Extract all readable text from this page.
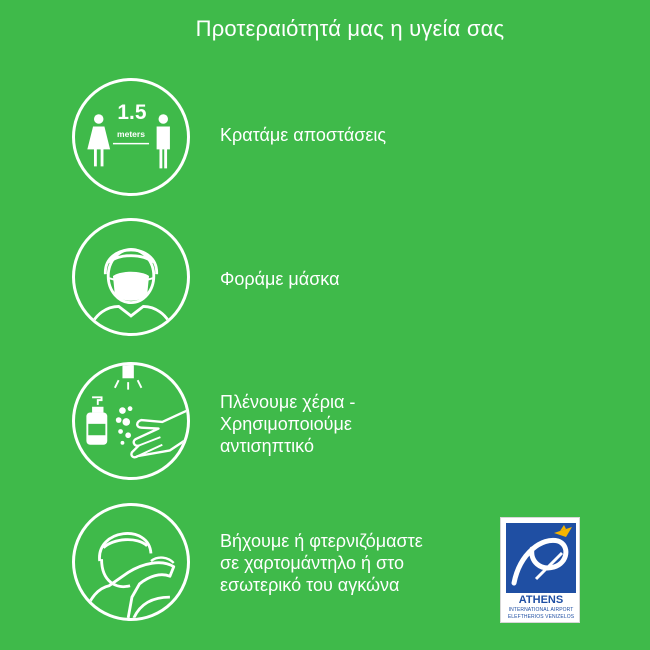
Προτεραιότητά μας η υγεία σας
1.5
meters	Κρατάμε αποστάσεις
Φοράμε μάσκα
Πλένουμε χέρια -
Χρησιμοποιούμε
αντισηπτικό
Βήχουμε ή φτερνιζόμαστε
σε χαρτομάντηλο ή στο
εσωτερικό του αγκώνα
ATHENS
INTERNATIONAL AIRPORT
ELEFTHERIOS VENIZELOS
